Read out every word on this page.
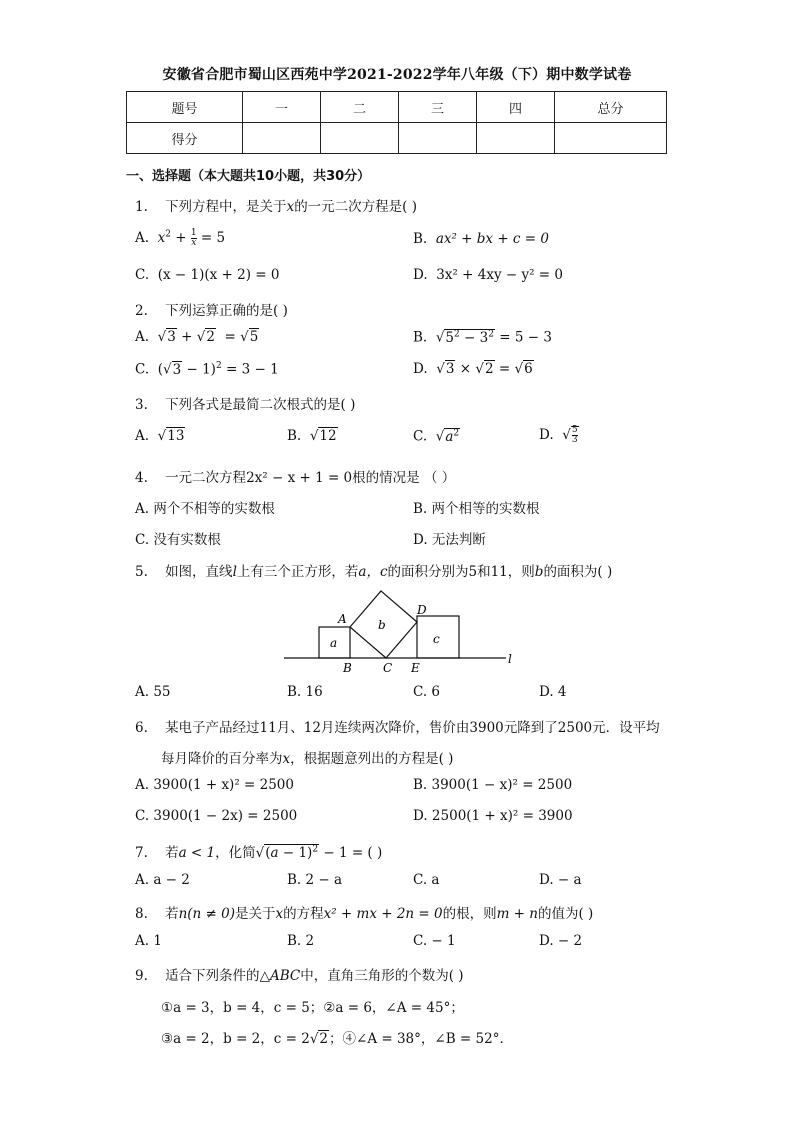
安徽省合肥市蜀山区西苑中学2021-2022学年八年级（下）期中数学试卷
题号	一	二	三	四	总分
得分					
一、选择题（本大题共10小题，共30分）
1. 下列方程中，是关于x的一元二次方程是( )
A. $x^2 + \frac{1}{x} = 5$	B. ax² + bx + c = 0
C. (x − 1)(x + 2) = 0	D. 3x² + 4xy − y² = 0
2. 下列运算正确的是( )
A. √3 + √2  = √5	B. $√5^2 - 3^2 = 5 - 3$
C.  $(√3 - 1)^2 = 3 - 1$	D. √3 × √2 = √6
3. 下列各式是最简二次根式的是( )
A. √13	B. √12	C. $√a^2$	D. √ $\frac{5}{3}$
4. 一元二次方程2x² − x + 1 = 0根的情况是 （ ）
A. 两个不相等的实数根	B. 两个相等的实数根
C. 没有实数根	D. 无法判断
5. 如图，直线l上有三个正方形，若a，c的面积分别为5和11，则b的面积为( )
A
B	C
D
E
a
b
c
l
A. 55	B. 16	C. 6	D. 4
6. 某电子产品经过11月、12月连续两次降价，售价由3900元降到了2500元．设平均
每月降价的百分率为x，根据题意列出的方程是( )
A. 3900(1 + x)² = 2500	B. 3900(1 − x)² = 2500
C. 3900(1 − 2x) = 2500	D. 2500(1 + x)² = 3900
7. 若a < 1，化简$√(a - 1)^2 - 1$ = ( )
A. a − 2	B. 2 − a	C. a	D. − a
8. 若n(n ≠ 0)是关于x的方程x² + mx + 2n = 0的根，则m + n的值为( )
A. 1	B. 2	C. − 1	D. − 2
9. 适合下列条件的△ABC中，直角三角形的个数为( )
①a = 3，b = 4，c = 5；②a = 6，∠A = 45°；
③a = 2，b = 2，c = 2√2；④∠A = 38°，∠B = 52°．
